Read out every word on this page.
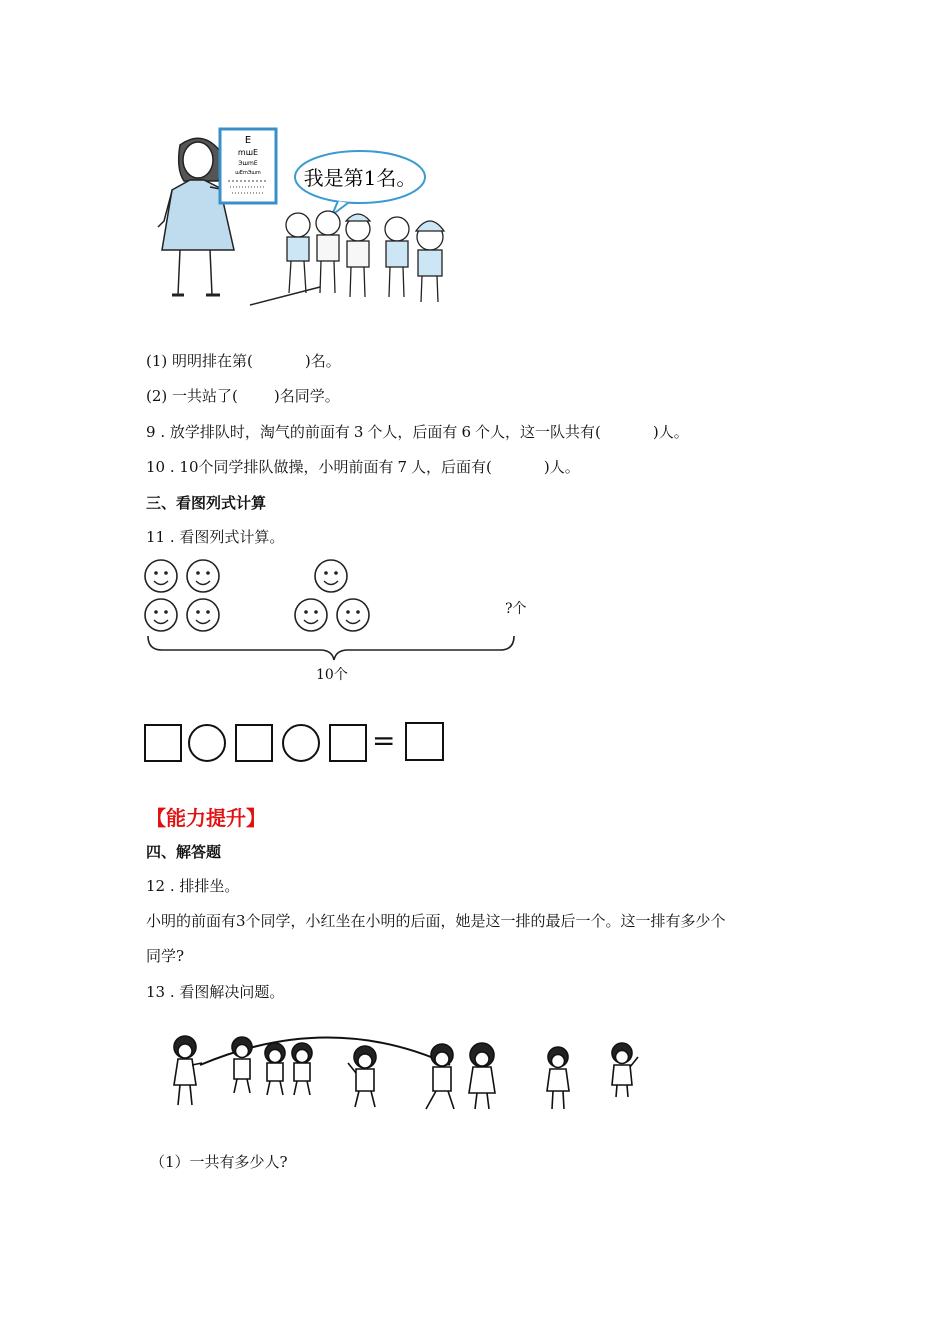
E
mшE
ЭшmE
шEmЭшm 我是第1名。
(1) 明明排在第(	)名。
(2) 一共站了( )名同学。
9 . 放学排队时，淘气的前面有 3 个人，后面有 6 个人，这一队共有(	)人。
10 . 10个同学排队做操，小明前面有 7 人，后面有(	)人。
三、看图列式计算
11 . 看图列式计算。
?个
10个
=
【能力提升】
四、解答题
12 . 排排坐。
小明的前面有3个同学，小红坐在小明的后面，她是这一排的最后一个。这一排有多少个
同学?
13 . 看图解决问题。
（1）一共有多少人?
